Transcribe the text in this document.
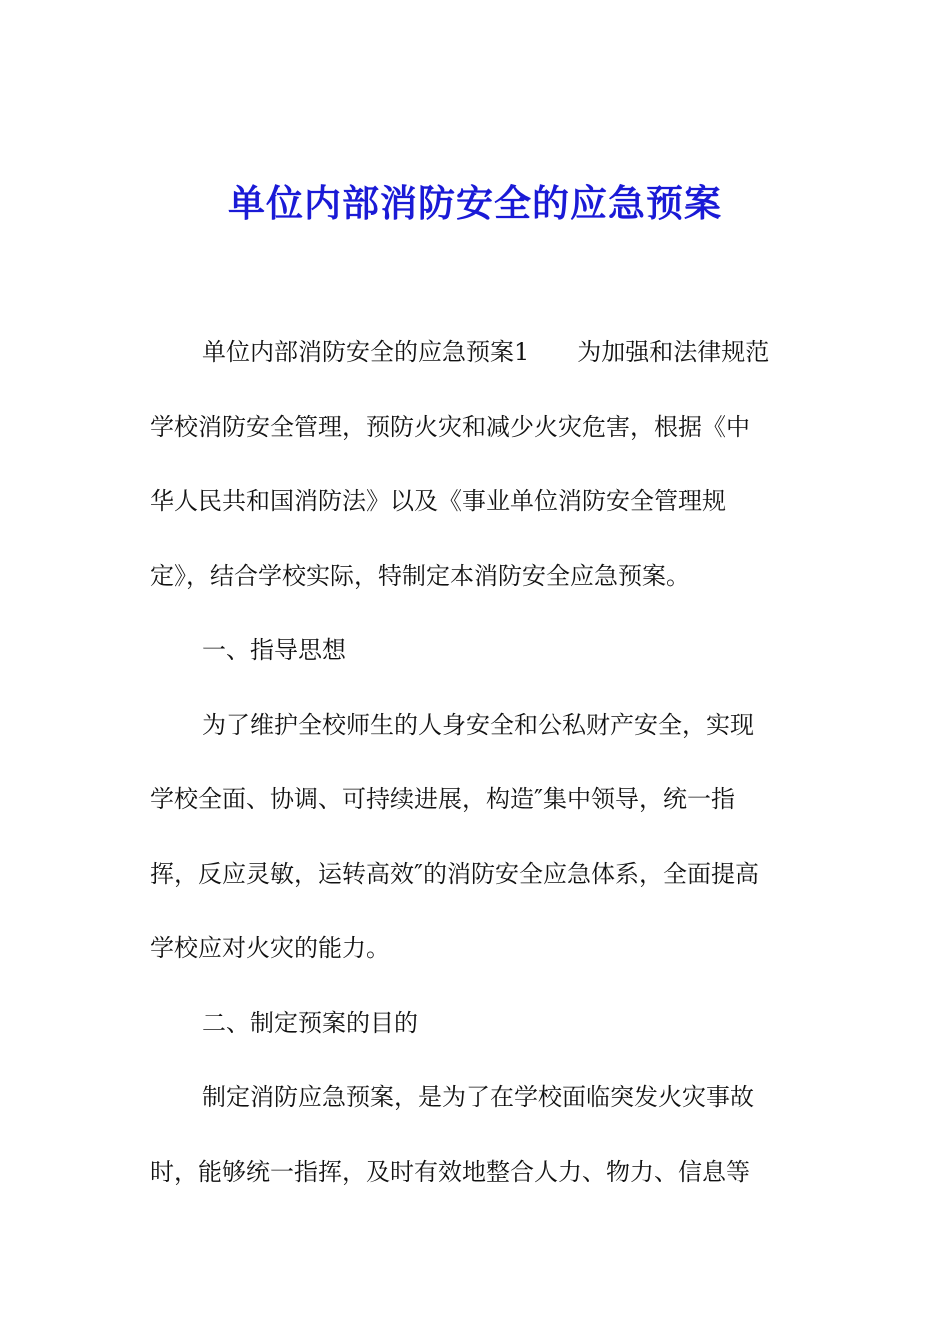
单位内部消防安全的应急预案
单位内部消防安全的应急预案1　　为加强和法律规范
学校消防安全管理，预防火灾和减少火灾危害，根据《中
华人民共和国消防法》以及《事业单位消防安全管理规
定》，结合学校实际，特制定本消防安全应急预案。
一、指导思想
为了维护全校师生的人身安全和公私财产安全，实现
学校全面、协调、可持续进展，构造″集中领导，统一指
挥，反应灵敏，运转高效″的消防安全应急体系，全面提高
学校应对火灾的能力。
二、制定预案的目的
制定消防应急预案，是为了在学校面临突发火灾事故
时，能够统一指挥，及时有效地整合人力、物力、信息等
